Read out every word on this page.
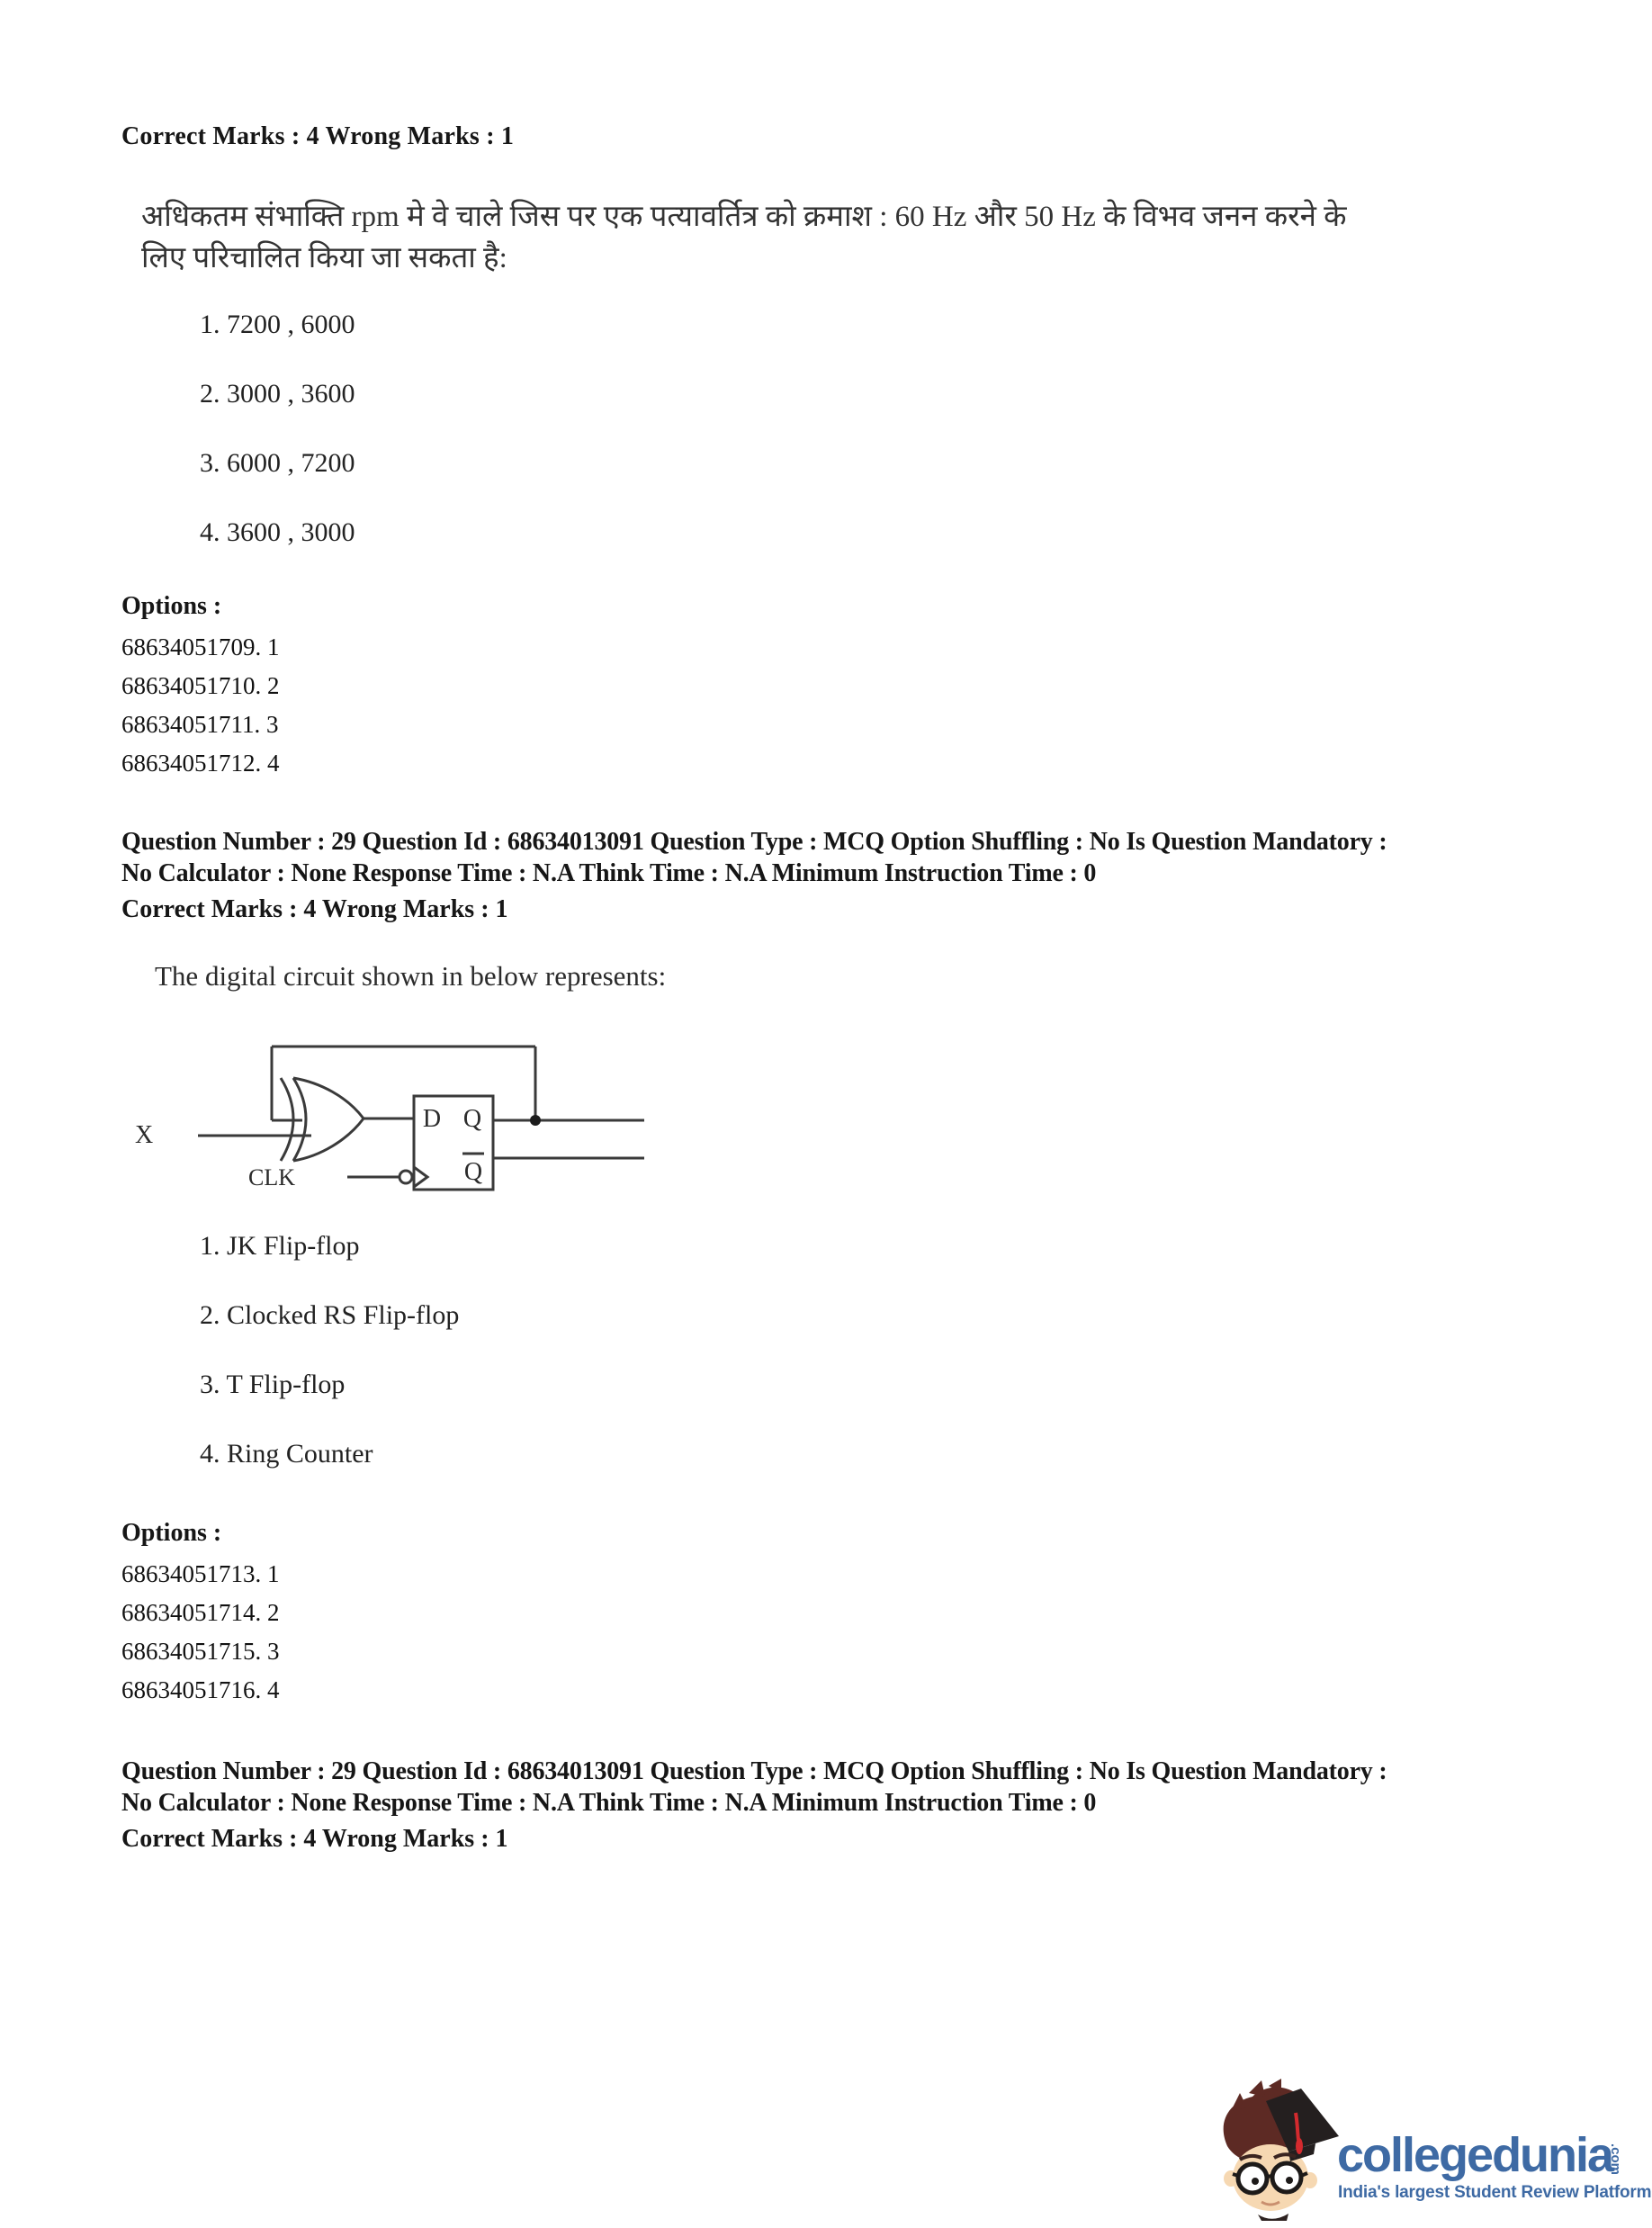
Correct Marks : 4 Wrong Marks : 1
अधिकतम संभाक्ति rpm मे वे चाले जिस पर एक पत्यावर्तित्र को क्रमाश : 60 Hz और 50 Hz के विभव जनन करने के
लिए परिचालित किया जा सकता है:
1. 7200 , 6000
2. 3000 , 3600
3. 6000 , 7200
4. 3600 , 3000
Options :
68634051709. 1
68634051710. 2
68634051711. 3
68634051712. 4
Question Number : 29 Question Id : 68634013091 Question Type : MCQ Option Shuffling : No Is Question Mandatory :
No Calculator : None Response Time : N.A Think Time : N.A Minimum Instruction Time : 0
Correct Marks : 4 Wrong Marks : 1
The digital circuit shown in below represents:
X
CLK
D Q
Q
1. JK Flip-flop
2. Clocked RS Flip-flop
3. T Flip-flop
4. Ring Counter
Options :
68634051713. 1
68634051714. 2
68634051715. 3
68634051716. 4
Question Number : 29 Question Id : 68634013091 Question Type : MCQ Option Shuffling : No Is Question Mandatory :
No Calculator : None Response Time : N.A Think Time : N.A Minimum Instruction Time : 0
Correct Marks : 4 Wrong Marks : 1
collegedunia
.com
India's largest Student Review Platform
